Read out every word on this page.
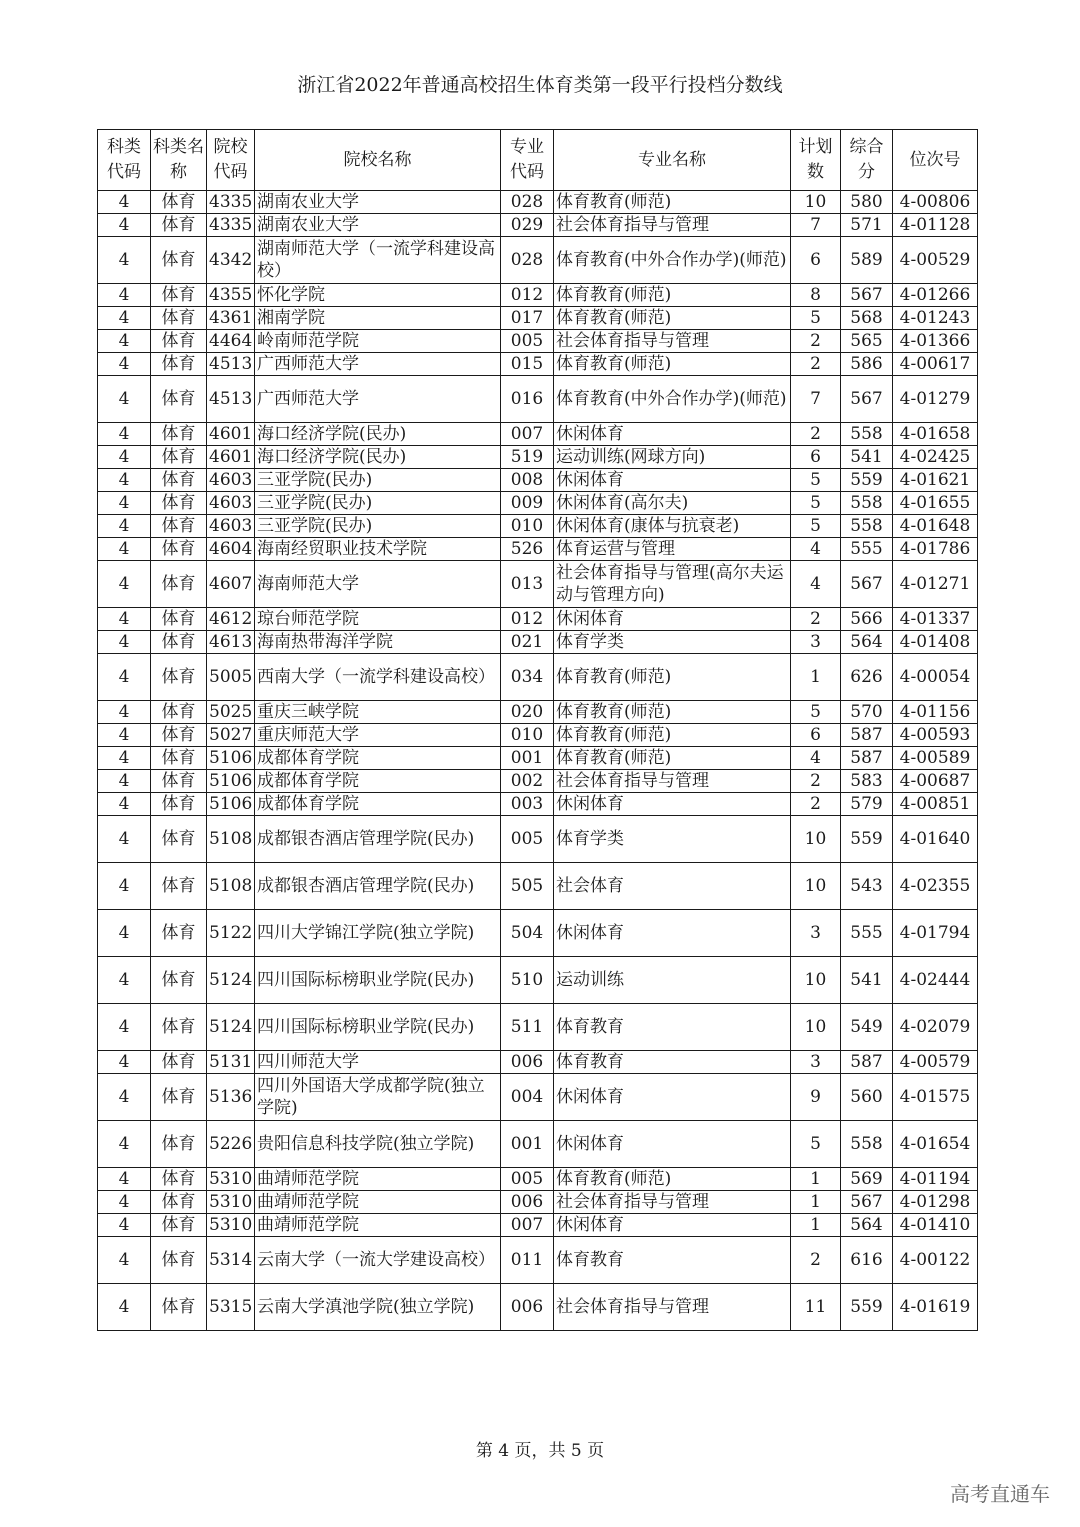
浙江省2022年普通高校招生体育类第一段平行投档分数线
科类代码	科类名称	院校代码	院校名称	专业代码	专业名称	计划数	综合分	位次号
4	体育	4335	湖南农业大学	028	体育教育(师范)	10	580	4-00806
4	体育	4335	湖南农业大学	029	社会体育指导与管理	7	571	4-01128
4	体育	4342	湖南师范大学（一流学科建设高校）	028	体育教育(中外合作办学)(师范)	6	589	4-00529
4	体育	4355	怀化学院	012	体育教育(师范)	8	567	4-01266
4	体育	4361	湘南学院	017	体育教育(师范)	5	568	4-01243
4	体育	4464	岭南师范学院	005	社会体育指导与管理	2	565	4-01366
4	体育	4513	广西师范大学	015	体育教育(师范)	2	586	4-00617
4	体育	4513	广西师范大学	016	体育教育(中外合作办学)(师范)	7	567	4-01279
4	体育	4601	海口经济学院(民办)	007	休闲体育	2	558	4-01658
4	体育	4601	海口经济学院(民办)	519	运动训练(网球方向)	6	541	4-02425
4	体育	4603	三亚学院(民办)	008	休闲体育	5	559	4-01621
4	体育	4603	三亚学院(民办)	009	休闲体育(高尔夫)	5	558	4-01655
4	体育	4603	三亚学院(民办)	010	休闲体育(康体与抗衰老)	5	558	4-01648
4	体育	4604	海南经贸职业技术学院	526	体育运营与管理	4	555	4-01786
4	体育	4607	海南师范大学	013	社会体育指导与管理(高尔夫运动与管理方向)	4	567	4-01271
4	体育	4612	琼台师范学院	012	休闲体育	2	566	4-01337
4	体育	4613	海南热带海洋学院	021	体育学类	3	564	4-01408
4	体育	5005	西南大学（一流学科建设高校）	034	体育教育(师范)	1	626	4-00054
4	体育	5025	重庆三峡学院	020	体育教育(师范)	5	570	4-01156
4	体育	5027	重庆师范大学	010	体育教育(师范)	6	587	4-00593
4	体育	5106	成都体育学院	001	体育教育(师范)	4	587	4-00589
4	体育	5106	成都体育学院	002	社会体育指导与管理	2	583	4-00687
4	体育	5106	成都体育学院	003	休闲体育	2	579	4-00851
4	体育	5108	成都银杏酒店管理学院(民办)	005	体育学类	10	559	4-01640
4	体育	5108	成都银杏酒店管理学院(民办)	505	社会体育	10	543	4-02355
4	体育	5122	四川大学锦江学院(独立学院)	504	休闲体育	3	555	4-01794
4	体育	5124	四川国际标榜职业学院(民办)	510	运动训练	10	541	4-02444
4	体育	5124	四川国际标榜职业学院(民办)	511	体育教育	10	549	4-02079
4	体育	5131	四川师范大学	006	体育教育	3	587	4-00579
4	体育	5136	四川外国语大学成都学院(独立学院)	004	休闲体育	9	560	4-01575
4	体育	5226	贵阳信息科技学院(独立学院)	001	休闲体育	5	558	4-01654
4	体育	5310	曲靖师范学院	005	体育教育(师范)	1	569	4-01194
4	体育	5310	曲靖师范学院	006	社会体育指导与管理	1	567	4-01298
4	体育	5310	曲靖师范学院	007	休闲体育	1	564	4-01410
4	体育	5314	云南大学（一流大学建设高校）	011	体育教育	2	616	4-00122
4	体育	5315	云南大学滇池学院(独立学院)	006	社会体育指导与管理	11	559	4-01619
第 4 页，共 5 页
高考直通车
